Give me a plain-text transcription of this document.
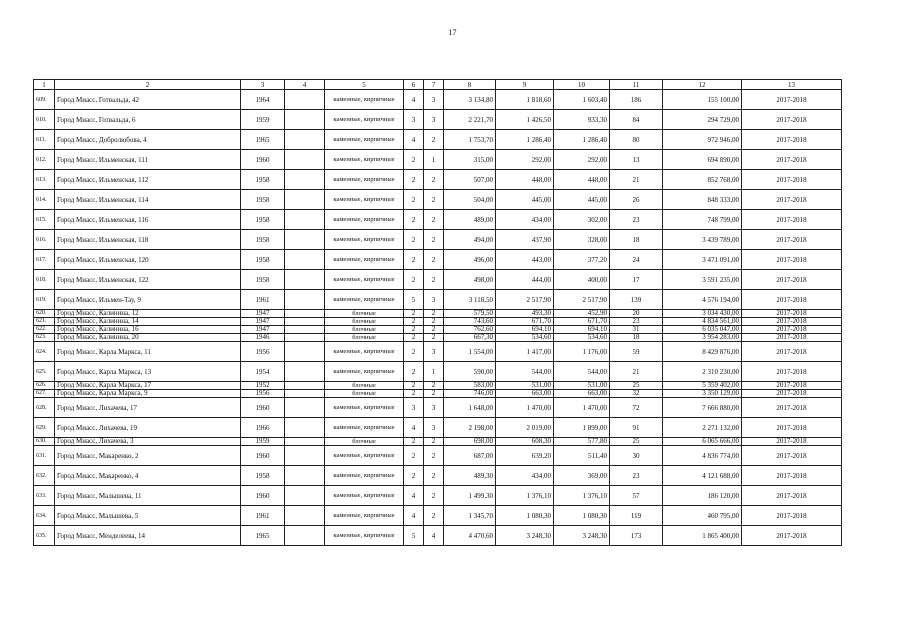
17
1	2	3	4	5	6	7	8	9	10	11	12	13
609.	Город Миасс, Готвальда, 42	1964		каменные, кирпичные	4	3	3 134,80	1 818,60	1 603,40	186	155 100,00	2017-2018
610.	Город Миасс, Готвальда, 6	1959		каменные, кирпичные	3	3	2 221,70	1 426,50	933,30	84	294 729,00	2017-2018
611.	Город Миасс, Добролюбова, 4	1965		каменные, кирпичные	4	2	1 753,70	1 286,40	1 286,40	80	972 946,00	2017-2018
612.	Город Миасс, Ильменская, 111	1960		каменные, кирпичные	2	1	315,00	292,00	292,00	13	694 890,00	2017-2018
613.	Город Миасс, Ильменская, 112	1958		каменные, кирпичные	2	2	507,00	448,00	448,00	21	852 768,00	2017-2018
614.	Город Миасс, Ильменская, 114	1958		каменные, кирпичные	2	2	504,00	445,00	445,00	26	848 333,00	2017-2018
615.	Город Миасс, Ильменская, 116	1958		каменные, кирпичные	2	2	489,00	434,00	302,00	23	748 799,00	2017-2018
616.	Город Миасс, Ильменская, 118	1958		каменные, кирпичные	2	2	494,00	437,90	328,00	18	3 439 789,00	2017-2018
617.	Город Миасс, Ильменская, 120	1958		каменные, кирпичные	2	2	496,00	443,00	377,20	24	3 471 091,00	2017-2018
618.	Город Миасс, Ильменская, 122	1958		каменные, кирпичные	2	2	498,00	444,00	400,00	17	3 591 235,00	2017-2018
619.	Город Миасс, Ильмен-Тау, 9	1961		каменные, кирпичные	5	3	3 118,50	2 517,90	2 517,90	139	4 576 194,00	2017-2018
620.	Город Миасс, Калинина, 12	1947		блочные	2	2	579,50	493,30	452,90	20	3 034 430,00	2017-2018
621.	Город Миасс, Калинина, 14	1947		блочные	2	2	743,60	671,70	671,70	23	4 834 561,00	2017-2018
622.	Город Миасс, Калинина, 16	1947		блочные	2	2	762,60	694,10	694,10	31	6 035 047,00	2017-2018
623.	Город Миасс, Калинина, 20	1946		блочные	2	2	667,30	534,60	534,60	18	3 954 283,00	2017-2018
624.	Город Миасс, Карла Маркса, 11	1956		каменные, кирпичные	2	3	1 554,00	1 417,00	1 176,00	59	8 429 876,00	2017-2018
625.	Город Миасс, Карла Маркса, 13	1954		каменные, кирпичные	2	1	590,00	544,00	544,00	21	2 310 230,00	2017-2018
626.	Город Миасс, Карла Маркса, 17	1952		блочные	2	2	583,00	531,00	531,00	25	5 359 402,00	2017-2018
627.	Город Миасс, Карла Маркса, 9	1956		блочные	2	2	746,00	663,00	663,00	32	3 350 129,00	2017-2018
628.	Город Миасс, Лихачева, 17	1960		каменные, кирпичные	3	3	1 648,00	1 470,00	1 470,00	72	7 666 880,00	2017-2018
629.	Город Миасс, Лихачева, 19	1966		каменные, кирпичные	4	3	2 198,00	2 019,00	1 899,00	91	2 271 132,00	2017-2018
630.	Город Миасс, Лихачева, 3	1959		блочные	2	2	698,00	608,30	577,80	25	6 065 666,00	2017-2018
631.	Город Миасс, Макаренко, 2	1960		каменные, кирпичные	2	2	687,00	639,20	511,40	30	4 836 774,00	2017-2018
632.	Город Миасс, Макаренко, 4	1958		каменные, кирпичные	2	2	489,30	434,00	369,00	23	4 121 688,00	2017-2018
633.	Город Миасс, Малышева, 11	1960		каменные, кирпичные	4	2	1 499,30	1 376,10	1 376,10	57	186 120,00	2017-2018
634.	Город Миасс, Малышева, 5	1961		каменные, кирпичные	4	2	1 345,70	1 080,30	1 080,30	119	460 795,00	2017-2018
635.	Город Миасс, Менделеева, 14	1965		каменные, кирпичные	5	4	4 470,60	3 248,30	3 248,30	173	1 865 400,00	2017-2018
